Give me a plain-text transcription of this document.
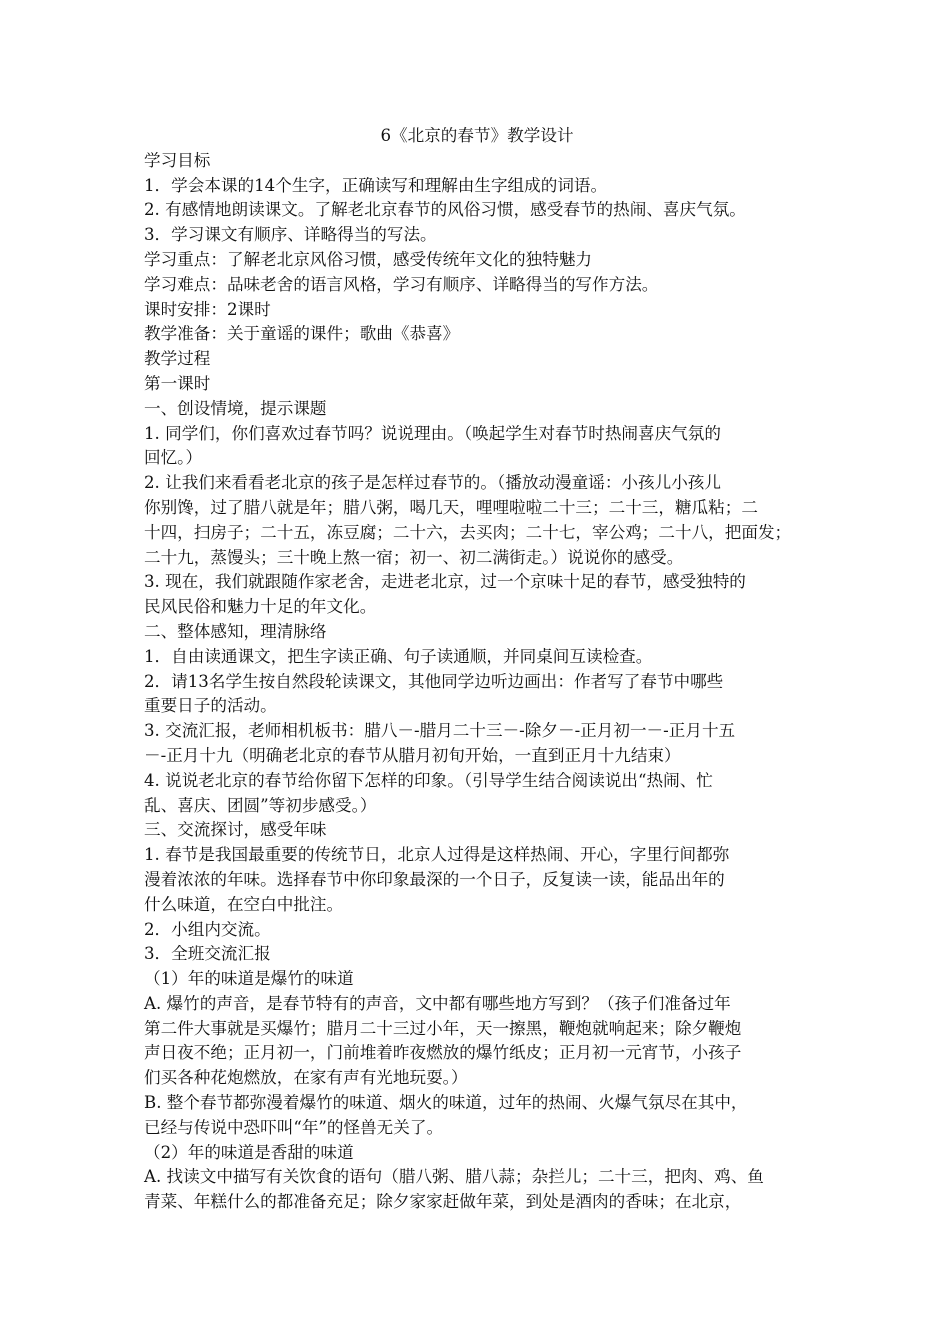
6《北京的春节》教学设计

学习目标

1．学会本课的14个生字，正确读写和理解由生字组成的词语。

2. 有感情地朗读课文。了解老北京春节的风俗习惯，感受春节的热闹、喜庆气氛。

3．学习课文有顺序、详略得当的写法。

学习重点：了解老北京风俗习惯，感受传统年文化的独特魅力

学习难点：品味老舍的语言风格，学习有顺序、详略得当的写作方法。

课时安排：2课时

教学准备：关于童谣的课件；歌曲《恭喜》

教学过程

第一课时

一、创设情境，提示课题

1. 同学们，你们喜欢过春节吗？说说理由。（唤起学生对春节时热闹喜庆气氛的

回忆。）

2. 让我们来看看老北京的孩子是怎样过春节的。（播放动漫童谣：小孩儿小孩儿

你别馋，过了腊八就是年；腊八粥，喝几天，哩哩啦啦二十三；二十三，糖瓜粘；二

十四，扫房子；二十五，冻豆腐；二十六，去买肉；二十七，宰公鸡；二十八，把面发；

二十九，蒸馒头；三十晚上熬一宿；初一、初二满街走。）说说你的感受。

3. 现在，我们就跟随作家老舍，走进老北京，过一个京味十足的春节，感受独特的

民风民俗和魅力十足的年文化。

二、整体感知，理清脉络

1．自由读通课文，把生字读正确、句子读通顺，并同桌间互读检查。

2．请13名学生按自然段轮读课文，其他同学边听边画出：作者写了春节中哪些

重要日子的活动。

3. 交流汇报，老师相机板书：腊八－-腊月二十三－-除夕－-正月初一－-正月十五

－-正月十九（明确老北京的春节从腊月初旬开始，一直到正月十九结束）

4. 说说老北京的春节给你留下怎样的印象。（引导学生结合阅读说出“热闹、忙

乱、喜庆、团圆”等初步感受。）

三、交流探讨，感受年味

1. 春节是我国最重要的传统节日，北京人过得是这样热闹、开心，字里行间都弥

漫着浓浓的年味。选择春节中你印象最深的一个日子，反复读一读，能品出年的

什么味道，在空白中批注。

2．小组内交流。

3．全班交流汇报

（1）年的味道是爆竹的味道

A. 爆竹的声音，是春节特有的声音，文中都有哪些地方写到？（孩子们准备过年

第二件大事就是买爆竹；腊月二十三过小年，天一擦黑，鞭炮就响起来；除夕鞭炮

声日夜不绝；正月初一，门前堆着昨夜燃放的爆竹纸皮；正月初一元宵节，小孩子

们买各种花炮燃放，在家有声有光地玩耍。）

B. 整个春节都弥漫着爆竹的味道、烟火的味道，过年的热闹、火爆气氛尽在其中，

已经与传说中恐吓叫“年”的怪兽无关了。

（2）年的味道是香甜的味道

A. 找读文中描写有关饮食的语句（腊八粥、腊八蒜；杂拦儿；二十三，把肉、鸡、鱼

青菜、年糕什么的都准备充足；除夕家家赶做年菜，到处是酒肉的香味；在北京，
